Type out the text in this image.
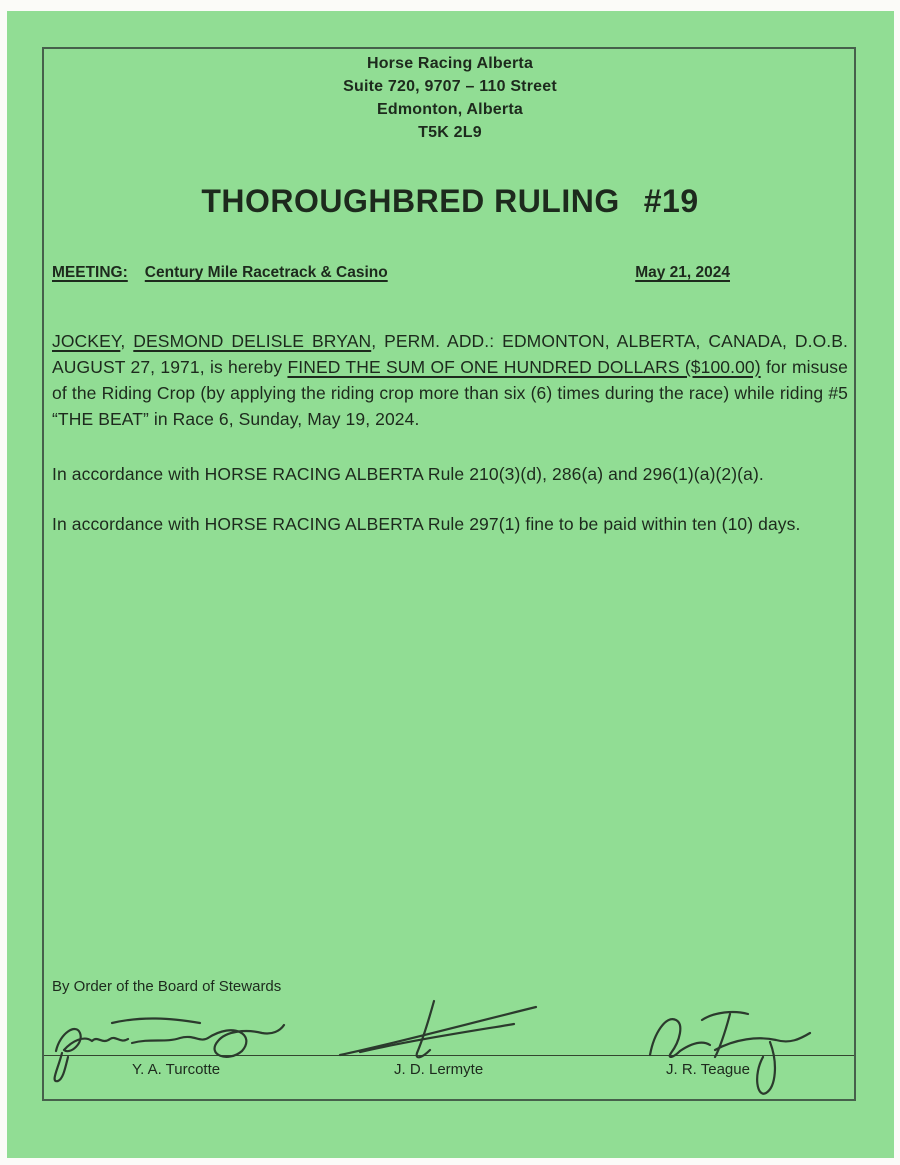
Horse Racing Alberta
Suite 720, 9707 – 110 Street
Edmonton, Alberta
T5K 2L9
THOROUGHBRED RULING #19
MEETING: Century Mile Racetrack & Casino	May 21, 2024

JOCKEY, DESMOND DELISLE BRYAN, PERM. ADD.: EDMONTON, ALBERTA, CANADA, D.O.B. AUGUST 27, 1971, is hereby FINED THE SUM OF ONE HUNDRED DOLLARS ($100.00) for misuse of the Riding Crop (by applying the riding crop more than six (6) times during the race) while riding #5 “THE BEAT” in Race 6, Sunday, May 19, 2024.

In accordance with HORSE RACING ALBERTA Rule 210(3)(d), 286(a) and 296(1)(a)(2)(a).

In accordance with HORSE RACING ALBERTA Rule 297(1) fine to be paid within ten (10) days.

By Order of the Board of Stewards
Y. A. Turcotte	J. D. Lermyte	J. R. Teague
